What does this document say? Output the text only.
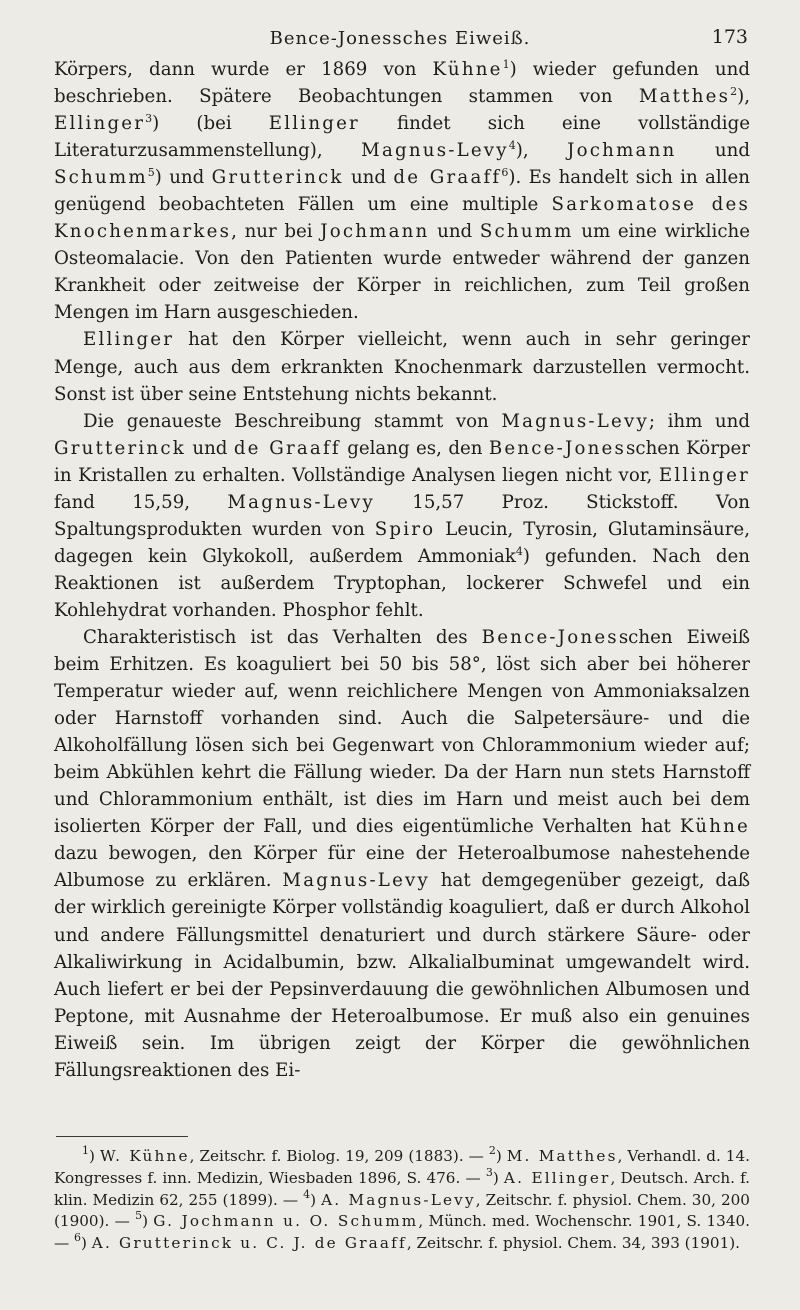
Bence-Jonessches Eiweiß.	173

Körpers, dann wurde er 1869 von Kühne$^1$) wieder gefunden und beschrieben. Spätere Beobachtungen stammen von Matthes$^2$), Ellinger$^3$) (bei Ellinger findet sich eine vollständige Literaturzusammenstellung), Magnus-Levy$^4$), Jochmann und Schumm$^5$) und Grutterinck und de Graaff$^6$). Es handelt sich in allen genügend beobachteten Fällen um eine multiple Sarkomatose des Knochenmarkes, nur bei Jochmann und Schumm um eine wirkliche Osteomalacie. Von den Patienten wurde entweder während der ganzen Krankheit oder zeitweise der Körper in reichlichen, zum Teil großen Mengen im Harn ausgeschieden.

Ellinger hat den Körper vielleicht, wenn auch in sehr geringer Menge, auch aus dem erkrankten Knochenmark darzustellen vermocht. Sonst ist über seine Entstehung nichts bekannt.

Die genaueste Beschreibung stammt von Magnus-Levy; ihm und Grutterinck und de Graaff gelang es, den Bence-Jonesschen Körper in Kristallen zu erhalten. Vollständige Analysen liegen nicht vor, Ellinger fand 15,59, Magnus-Levy 15,57 Proz. Stickstoff. Von Spaltungsprodukten wurden von Spiro Leucin, Tyrosin, Glutaminsäure, dagegen kein Glykokoll, außerdem Ammoniak$^4$) gefunden. Nach den Reaktionen ist außerdem Tryptophan, lockerer Schwefel und ein Kohlehydrat vorhanden. Phosphor fehlt.

Charakteristisch ist das Verhalten des Bence-Jonesschen Eiweiß beim Erhitzen. Es koaguliert bei 50 bis 58°, löst sich aber bei höherer Temperatur wieder auf, wenn reichlichere Mengen von Ammoniaksalzen oder Harnstoff vorhanden sind. Auch die Salpetersäure- und die Alkoholfällung lösen sich bei Gegenwart von Chlorammonium wieder auf; beim Abkühlen kehrt die Fällung wieder. Da der Harn nun stets Harnstoff und Chlorammonium enthält, ist dies im Harn und meist auch bei dem isolierten Körper der Fall, und dies eigentümliche Verhalten hat Kühne dazu bewogen, den Körper für eine der Heteroalbumose nahestehende Albumose zu erklären. Magnus-Levy hat demgegenüber gezeigt, daß der wirklich gereinigte Körper vollständig koaguliert, daß er durch Alkohol und andere Fällungsmittel denaturiert und durch stärkere Säure- oder Alkaliwirkung in Acidalbumin, bzw. Alkalialbuminat umgewandelt wird. Auch liefert er bei der Pepsinverdauung die gewöhnlichen Albumosen und Peptone, mit Ausnahme der Heteroalbumose. Er muß also ein genuines Eiweiß sein. Im übrigen zeigt der Körper die gewöhnlichen Fällungsreaktionen des Ei-

$^1$) W. Kühne, Zeitschr. f. Biolog. 19, 209 (1883). — $^2$) M. Matthes, Verhandl. d. 14. Kongresses f. inn. Medizin, Wiesbaden 1896, S. 476. — $^3$) A. Ellinger, Deutsch. Arch. f. klin. Medizin 62, 255 (1899). — $^4$) A. Magnus-Levy, Zeitschr. f. physiol. Chem. 30, 200 (1900). — $^5$) G. Jochmann u. O. Schumm, Münch. med. Wochenschr. 1901, S. 1340. — $^6$) A. Grutterinck u. C. J. de Graaff, Zeitschr. f. physiol. Chem. 34, 393 (1901).
